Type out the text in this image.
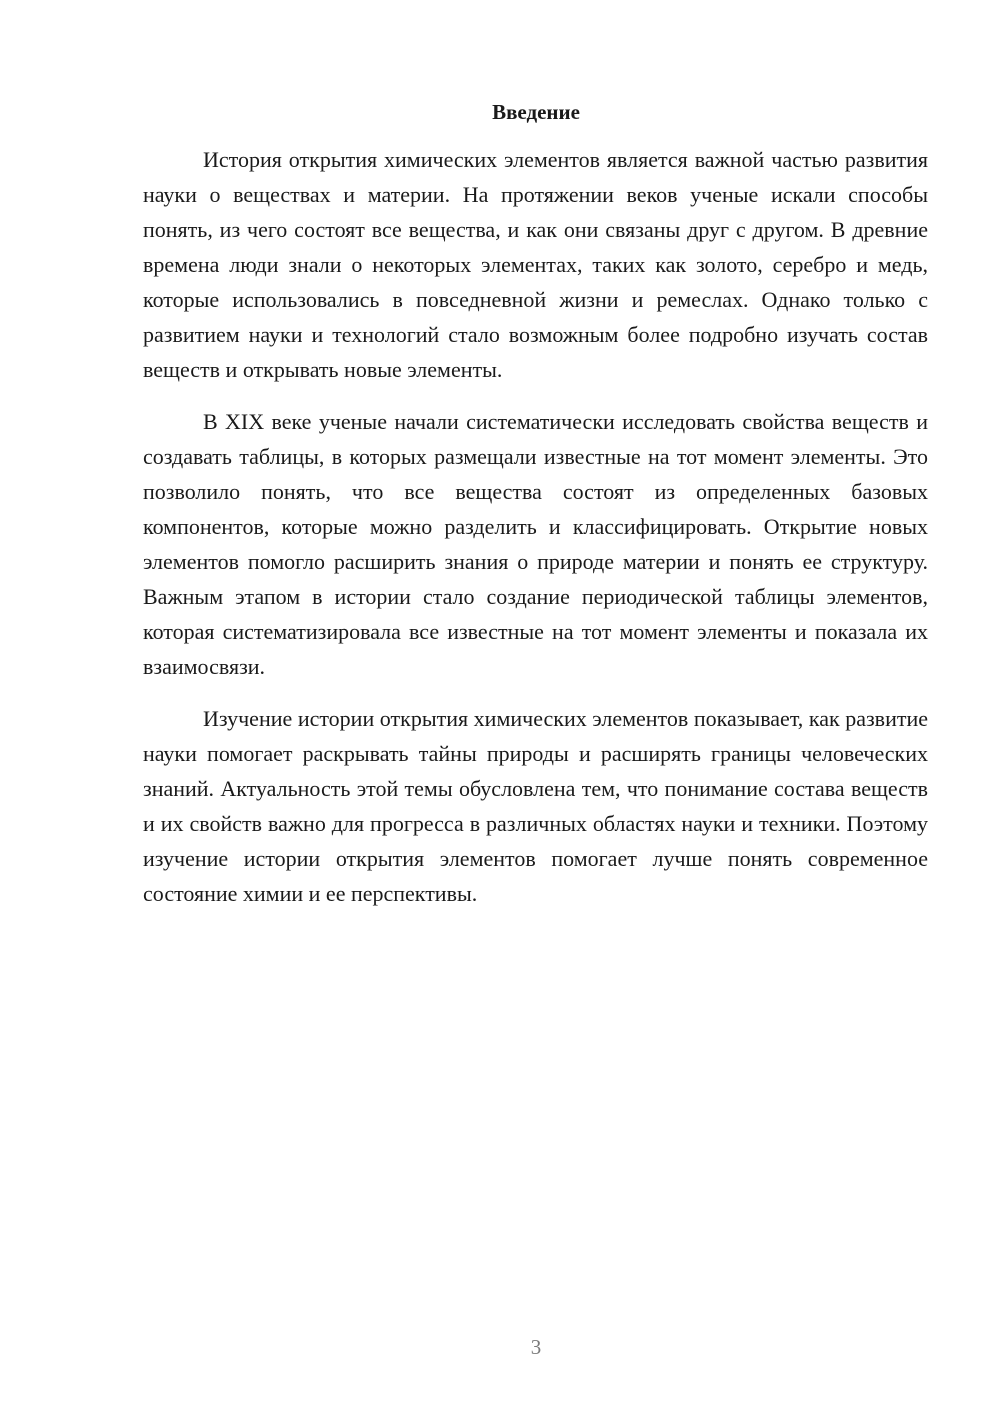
Введение

История открытия химических элементов является важной частью развития науки о веществах и материи. На протяжении веков ученые искали способы понять, из чего состоят все вещества, и как они связаны друг с другом. В древние времена люди знали о некоторых элементах, таких как золото, серебро и медь, которые использовались в повседневной жизни и ремеслах. Однако только с развитием науки и технологий стало возможным более подробно изучать состав веществ и открывать новые элементы.

В XIX веке ученые начали систематически исследовать свойства веществ и создавать таблицы, в которых размещали известные на тот момент элементы. Это позволило понять, что все вещества состоят из определенных базовых компонентов, которые можно разделить и классифицировать. Открытие новых элементов помогло расширить знания о природе материи и понять ее структуру. Важным этапом в истории стало создание периодической таблицы элементов, которая систематизировала все известные на тот момент элементы и показала их взаимосвязи.

Изучение истории открытия химических элементов показывает, как развитие науки помогает раскрывать тайны природы и расширять границы человеческих знаний. Актуальность этой темы обусловлена тем, что понимание состава веществ и их свойств важно для прогресса в различных областях науки и техники. Поэтому изучение истории открытия элементов помогает лучше понять современное состояние химии и ее перспективы.

3
